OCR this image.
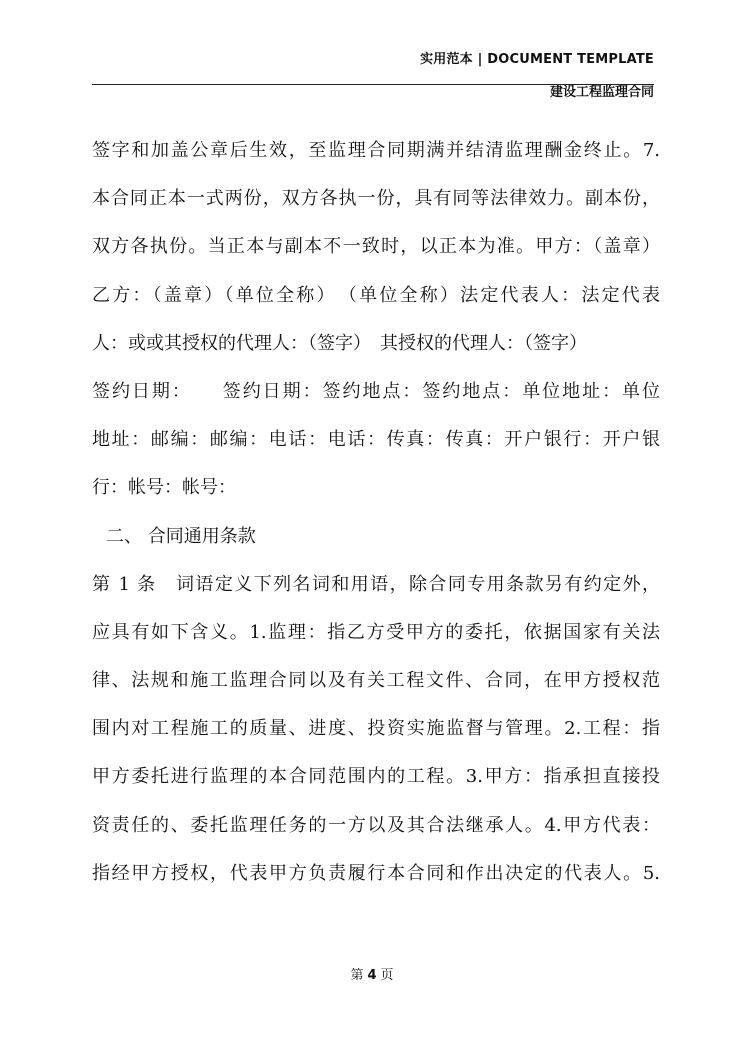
实用范本 | DOCUMENT TEMPLATE
建设工程监理合同
签字和加盖公章后生效，至监理合同期满并结清监理酬金终止。7.
本合同正本一式两份，双方各执一份，具有同等法律效力。副本份，
双方各执份。当正本与副本不一致时，以正本为准。甲方：（盖章）
乙方：（盖章）（单位全称）　（单位全称）法定代表人：法定代表
人：或或其授权的代理人：（签字）　其授权的代理人：（签字）
签约日期：　　签约日期：签约地点：签约地点：单位地址：单位
地址：邮编：邮编：电话：电话：传真：传真：开户银行：开户银
行：帐号：帐号：
二、 合同通用条款
第 1 条　词语定义下列名词和用语，除合同专用条款另有约定外，
应具有如下含义。1.监理：指乙方受甲方的委托，依据国家有关法
律、法规和施工监理合同以及有关工程文件、合同，在甲方授权范
围内对工程施工的质量、进度、投资实施监督与管理。2.工程：指
甲方委托进行监理的本合同范围内的工程。3.甲方：指承担直接投
资责任的、委托监理任务的一方以及其合法继承人。4.甲方代表：
指经甲方授权，代表甲方负责履行本合同和作出决定的代表人。5.
第 4 页
